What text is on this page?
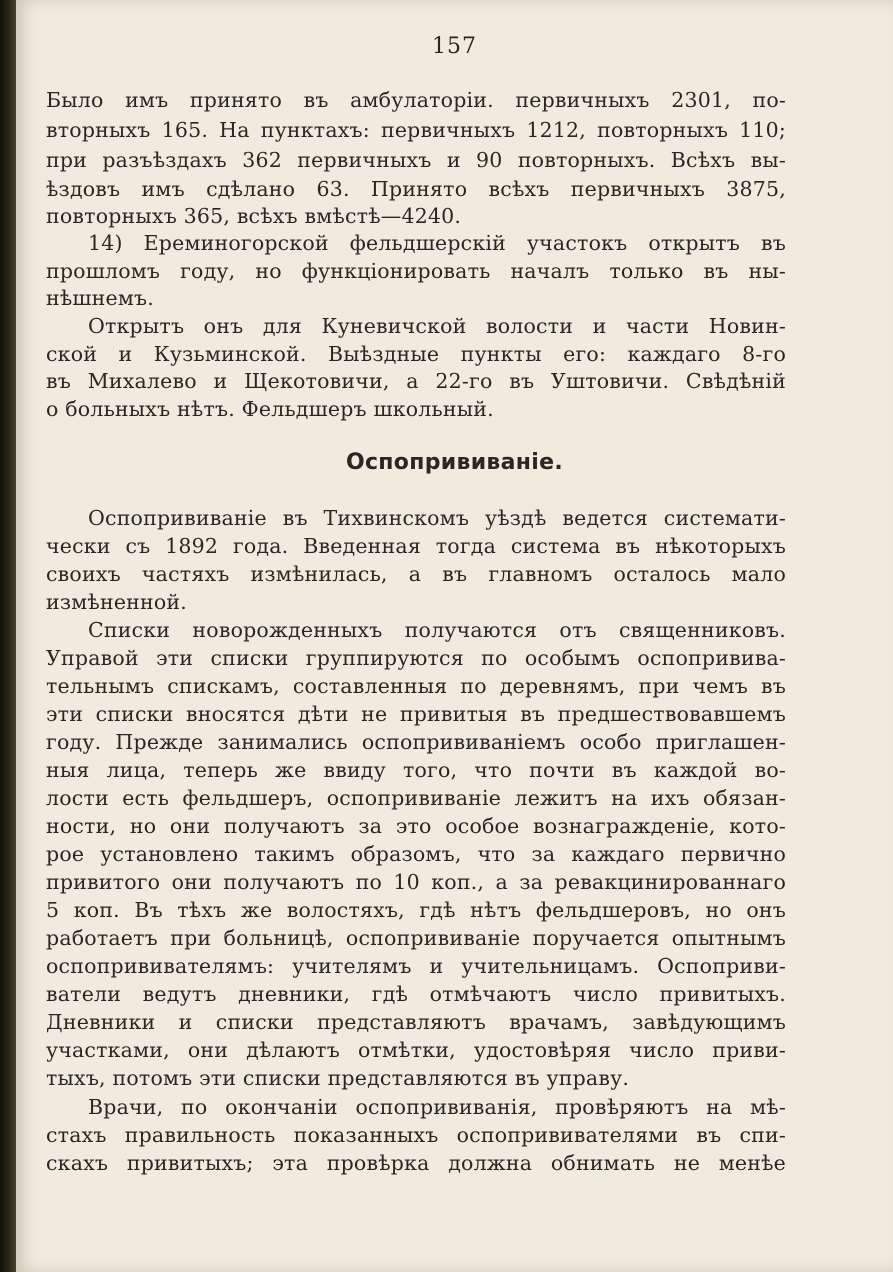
157
Было имъ принято въ амбулаторiи. первичныхъ 2301, по-
вторныхъ 165. На пунктахъ: первичныхъ 1212, повторныхъ 110;
при разъѣздахъ 362 первичныхъ и 90 повторныхъ. Всѣхъ вы-
ѣздовъ имъ сдѣлано 63. Принято всѣхъ первичныхъ 3875,
повторныхъ 365, всѣхъ вмѣстѣ—4240.
14) Ереминогорской фельдшерскiй участокъ открытъ въ
прошломъ году, но функцiонировать началъ только въ ны-
нѣшнемъ.
Открытъ онъ для Куневичской волости и части Новин-
ской и Кузьминской. Выѣздные пункты его: каждаго 8-го
въ Михалево и Щекотовичи, а 22-го въ Уштовичи. Свѣдѣнiй
о больныхъ нѣтъ. Фельдшеръ школьный.
Оспопрививанiе.
Оспопрививанiе въ Тихвинскомъ уѣздѣ ведется системати-
чески съ 1892 года. Введенная тогда система въ нѣкоторыхъ
своихъ частяхъ измѣнилась, а въ главномъ осталось мало
измѣненной.
Списки новорожденныхъ получаются отъ священниковъ.
Управой эти списки группируются по особымъ оспопривива-
тельнымъ спискамъ, составленныя по деревнямъ, при чемъ въ
эти списки вносятся дѣти не привитыя въ предшествовавшемъ
году. Прежде занимались оспопрививанiемъ особо приглашен-
ныя лица, теперь же ввиду того, что почти въ каждой во-
лости есть фельдшеръ, оспопрививанiе лежитъ на ихъ обязан-
ности, но они получаютъ за это особое вознагражденiе, кото-
рое установлено такимъ образомъ, что за каждаго первично
привитого они получаютъ по 10 коп., а за ревакцинированнаго
5 коп. Въ тѣхъ же волостяхъ, гдѣ нѣтъ фельдшеровъ, но онъ
работаетъ при больницѣ, оспопрививанiе поручается опытнымъ
оспопрививателямъ: учителямъ и учительницамъ. Оспоприви-
ватели ведутъ дневники, гдѣ отмѣчаютъ число привитыхъ.
Дневники и списки представляютъ врачамъ, завѣдующимъ
участками, они дѣлаютъ отмѣтки, удостовѣряя число приви-
тыхъ, потомъ эти списки представляются въ управу.
Врачи, по окончанiи оспопрививанiя, провѣряютъ на мѣ-
стахъ правильность показанныхъ оспопрививателями въ спи-
скахъ привитыхъ; эта провѣрка должна обнимать не менѣе
